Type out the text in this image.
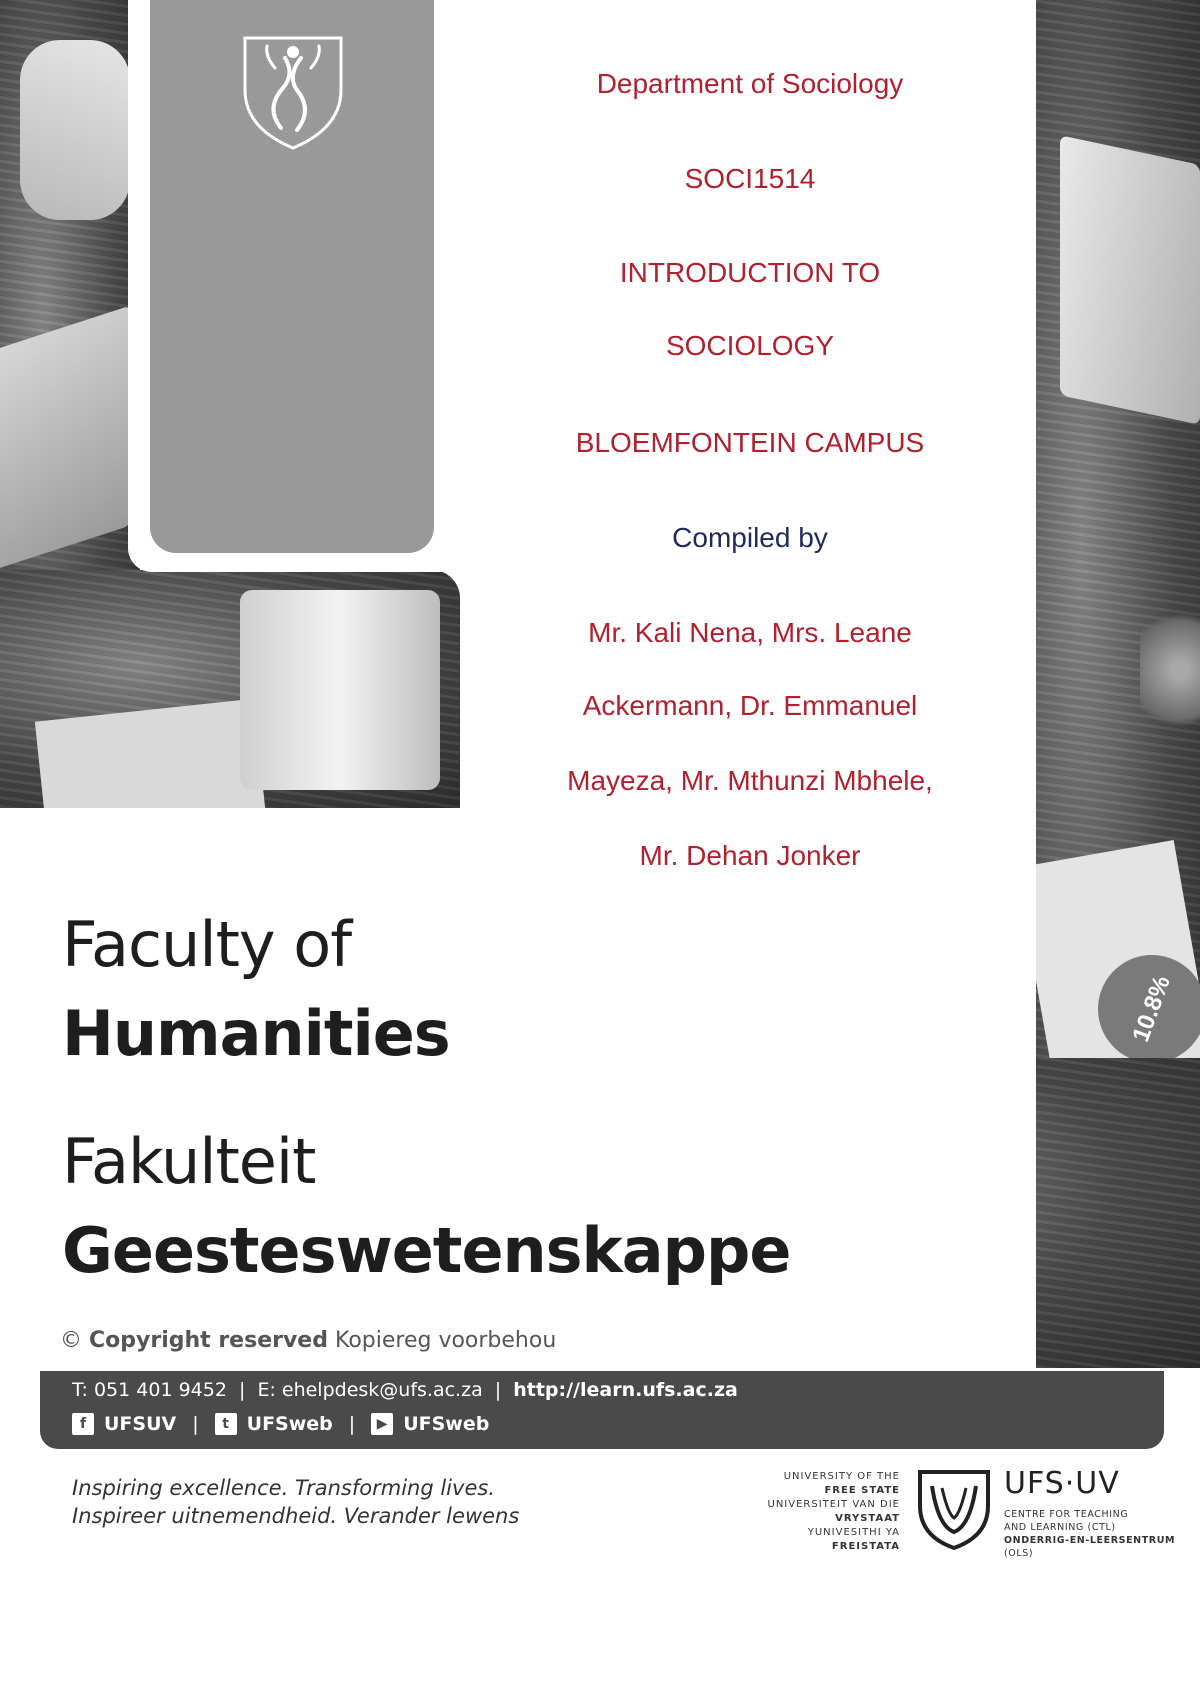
10.8%
Department of Sociology
SOCI1514
INTRODUCTION TO
SOCIOLOGY
BLOEMFONTEIN CAMPUS
Compiled by
Mr. Kali Nena, Mrs. Leane
Ackermann, Dr. Emmanuel
Mayeza, Mr. Mthunzi Mbhele,
Mr. Dehan Jonker
Faculty of
Humanities
Fakulteit
Geesteswetenskappe
© Copyright reserved Kopiereg voorbehou
T: 051 401 9452 | E: ehelpdesk@ufs.ac.za | http://learn.ufs.ac.za
f UFSUV |	t UFSweb |	▶ UFSweb
Inspiring excellence. Transforming lives.
Inspireer uitnemendheid. Verander lewens
UNIVERSITY OF THE
FREE STATE
UNIVERSITEIT VAN DIE
VRYSTAAT
YUNIVESITHI YA
FREISTATA
UFS·UV
CENTRE FOR TEACHING
AND LEARNING (CTL)
ONDERRIG-EN-LEERSENTRUM
(OLS)
